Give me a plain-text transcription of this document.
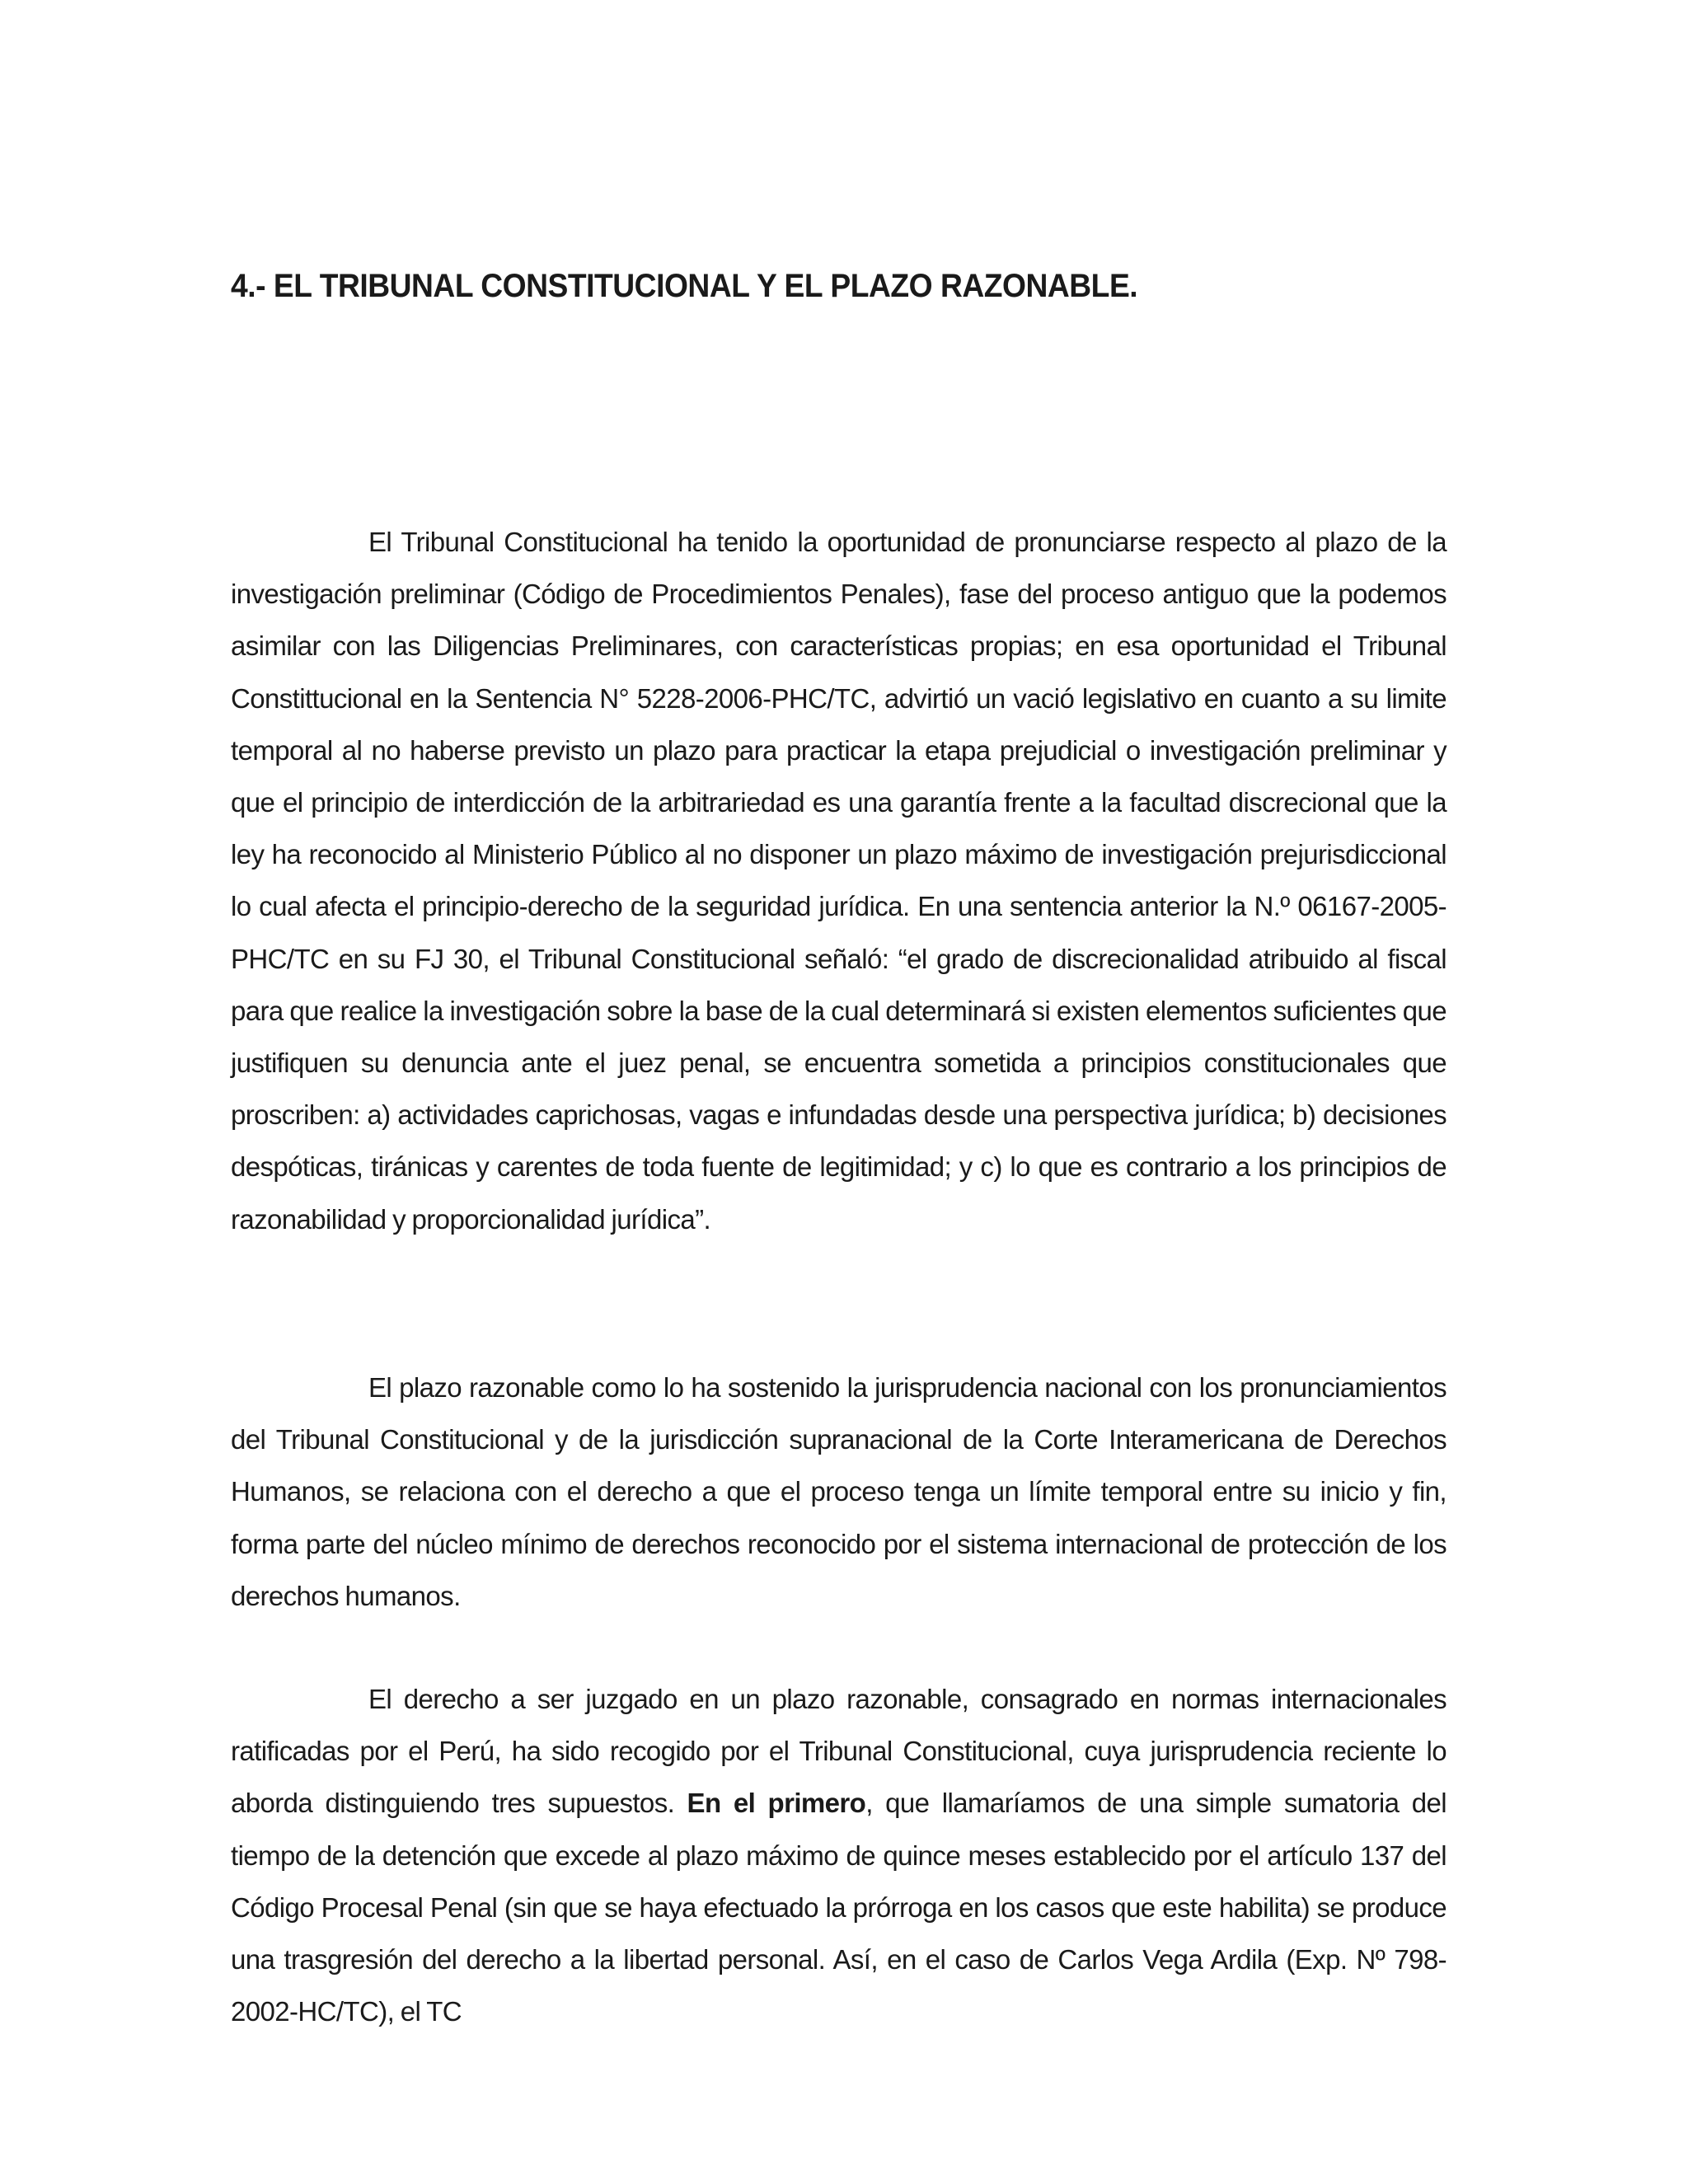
4.- EL TRIBUNAL CONSTITUCIONAL Y EL PLAZO RAZONABLE.

El Tribunal Constitucional ha tenido la oportunidad de pronunciarse respecto al plazo de la investigación preliminar (Código de Procedimientos Penales), fase del proceso antiguo que la podemos asimilar con las Diligencias Preliminares, con características propias; en esa oportunidad el Tribunal Constittucional en la Sentencia N° 5228-2006-PHC/TC, advirtió un vació legislativo en cuanto a su limite temporal al no haberse previsto un plazo para practicar la etapa prejudicial o investigación preliminar y que el principio de interdicción de la arbitrariedad es una garantía frente a la facultad discrecional que la ley ha reconocido al Ministerio Público al no disponer un plazo máximo de investigación prejurisdiccional lo cual afecta el principio-derecho de la seguridad jurídica. En una sentencia anterior la N.º 06167-2005-PHC/TC en su FJ 30, el Tribunal Constitucional señaló: “el grado de discrecionalidad atribuido al fiscal para que realice la investigación sobre la base de la cual determinará si existen elementos suficientes que justifiquen su denuncia ante el juez penal, se encuentra sometida a principios constitucionales que proscriben: a) actividades caprichosas, vagas e infundadas desde una perspectiva jurídica; b) decisiones despóticas, tiránicas y carentes de toda fuente de legitimidad; y c) lo que es contrario a los principios de razonabilidad y proporcionalidad jurídica”.

El plazo razonable como lo ha sostenido la jurisprudencia nacional con los pronunciamientos del Tribunal Constitucional y de la jurisdicción supranacional de la Corte Interamericana de Derechos Humanos, se relaciona con el derecho a que el proceso tenga un límite temporal entre su inicio y fin, forma parte del núcleo mínimo de derechos reconocido por el sistema internacional de protección de los derechos humanos.

El derecho a ser juzgado en un plazo razonable, consagrado en normas internacionales ratificadas por el Perú, ha sido recogido por el Tribunal Constitucional, cuya jurisprudencia reciente lo aborda distinguiendo tres supuestos. En el primero, que llamaríamos de una simple sumatoria del tiempo de la detención que excede al plazo máximo de quince meses establecido por el artículo 137 del Código Procesal Penal (sin que se haya efectuado la prórroga en los casos que este habilita) se produce una trasgresión del derecho a la libertad personal. Así, en el caso de Carlos Vega Ardila (Exp. Nº 798-2002-HC/TC), el TC
